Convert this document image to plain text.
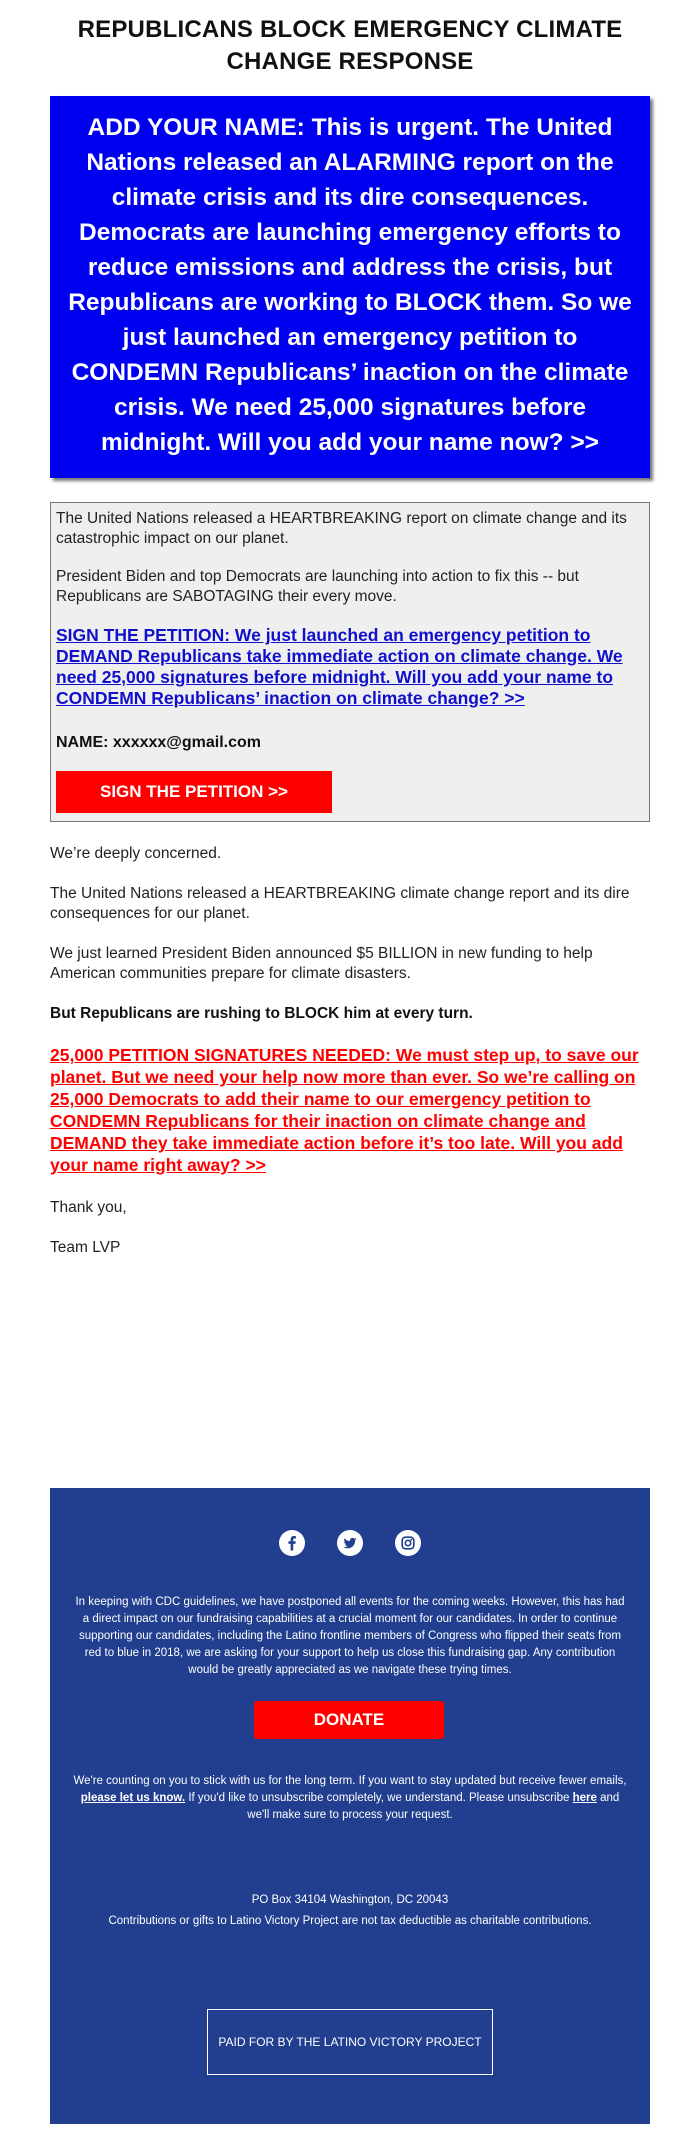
REPUBLICANS BLOCK EMERGENCY CLIMATE CHANGE RESPONSE
ADD YOUR NAME: This is urgent. The United Nations released an ALARMING report on the climate crisis and its dire consequences. Democrats are launching emergency efforts to reduce emissions and address the crisis, but Republicans are working to BLOCK them. So we just launched an emergency petition to CONDEMN Republicans’ inaction on the climate crisis. We need 25,000 signatures before midnight. Will you add your name now? >>

The United Nations released a HEARTBREAKING report on climate change and its catastrophic impact on our planet.

President Biden and top Democrats are launching into action to fix this -- but Republicans are SABOTAGING their every move.

SIGN THE PETITION: We just launched an emergency petition to DEMAND Republicans take immediate action on climate change. We need 25,000 signatures before midnight. Will you add your name to CONDEMN Republicans’ inaction on climate change? >>
NAME: xxxxxx@gmail.com
SIGN THE PETITION >>

We’re deeply concerned.

The United Nations released a HEARTBREAKING climate change report and its dire consequences for our planet.

We just learned President Biden announced $5 BILLION in new funding to help American communities prepare for climate disasters.

But Republicans are rushing to BLOCK him at every turn.

25,000 PETITION SIGNATURES NEEDED: We must step up, to save our planet. But we need your help now more than ever. So we’re calling on 25,000 Democrats to add their name to our emergency petition to CONDEMN Republicans for their inaction on climate change and DEMAND they take immediate action before it’s too late. Will you add your name right away? >>

Thank you,

Team LVP

In keeping with CDC guidelines, we have postponed all events for the coming weeks. However, this has had a direct impact on our fundraising capabilities at a crucial moment for our candidates. In order to continue supporting our candidates, including the Latino frontline members of Congress who flipped their seats from red to blue in 2018, we are asking for your support to help us close this fundraising gap. Any contribution would be greatly appreciated as we navigate these trying times.

DONATE

We're counting on you to stick with us for the long term. If you want to stay updated but receive fewer emails, please let us know. If you'd like to unsubscribe completely, we understand. Please unsubscribe here and we'll make sure to process your request.

PO Box 34104 Washington, DC 20043

Contributions or gifts to Latino Victory Project are not tax deductible as charitable contributions.

PAID FOR BY THE LATINO VICTORY PROJECT
